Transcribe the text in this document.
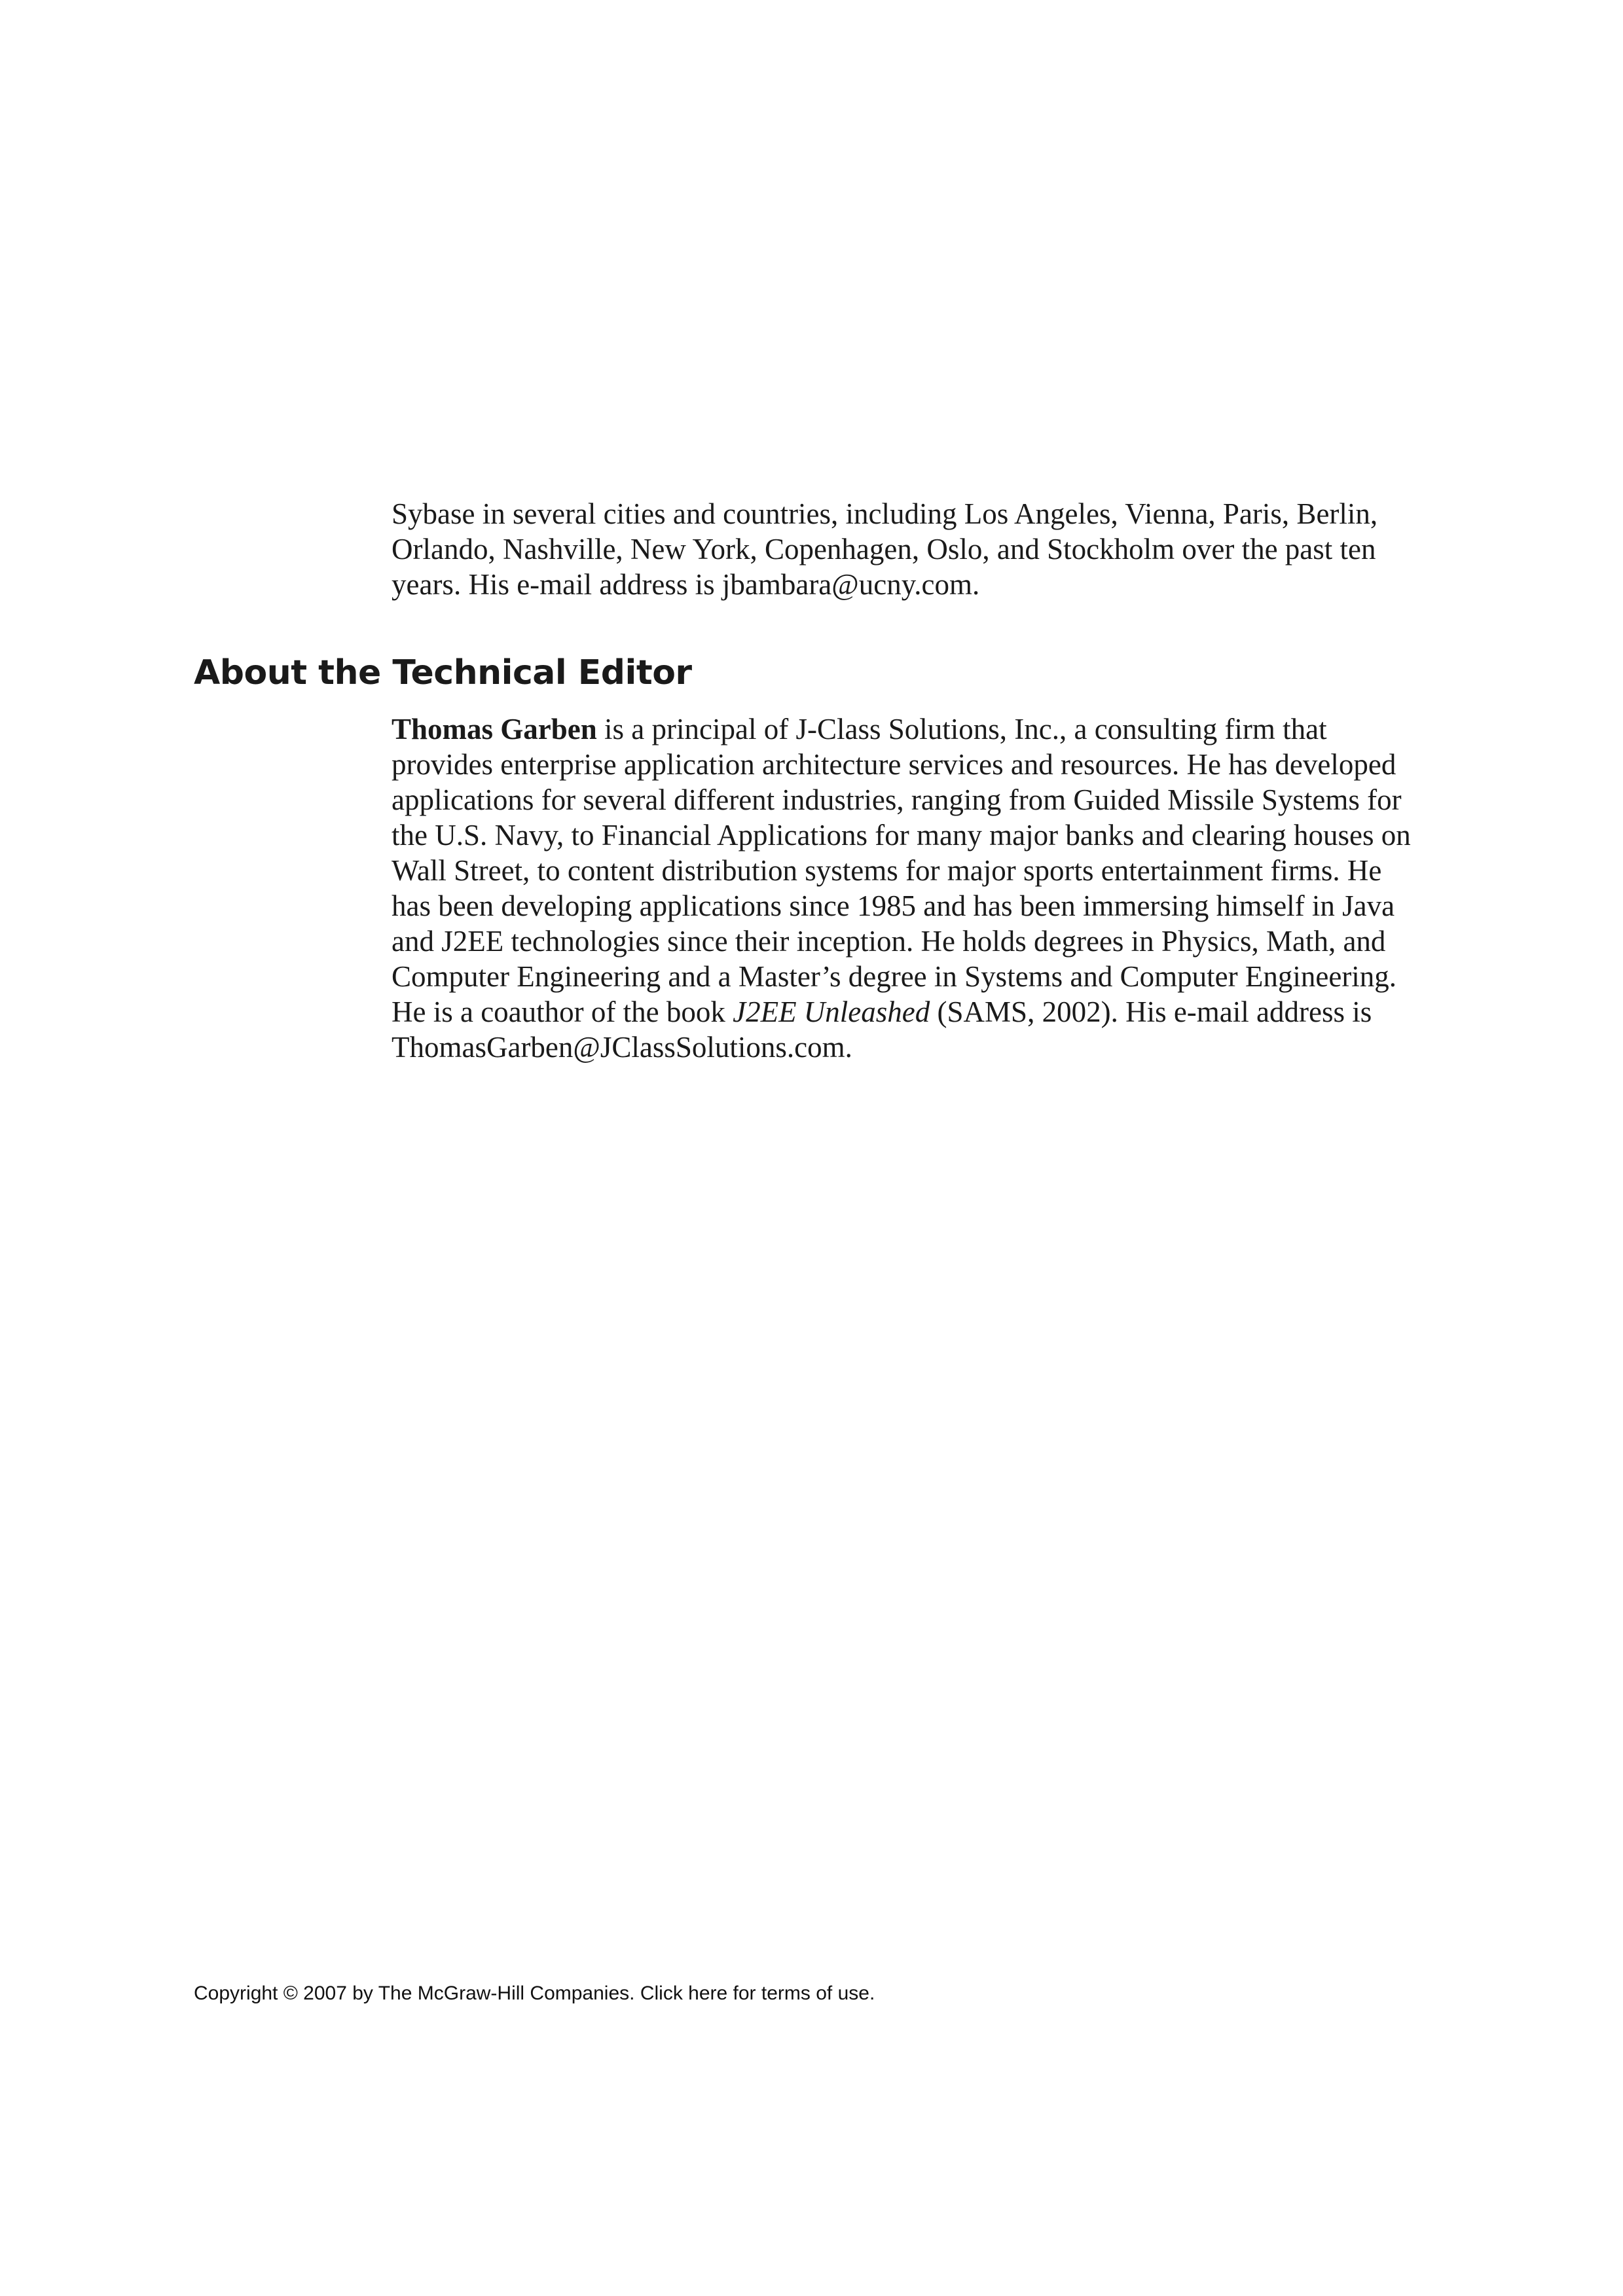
Sybase in several cities and countries, including Los Angeles, Vienna, Paris, Berlin,
Orlando, Nashville, New York, Copenhagen, Oslo, and Stockholm over the past ten
years. His e-mail address is jbambara@ucny.com.
About the Technical Editor
Thomas Garben is a principal of J-Class Solutions, Inc., a consulting firm that
provides enterprise application architecture services and resources. He has developed
applications for several different industries, ranging from Guided Missile Systems for
the U.S. Navy, to Financial Applications for many major banks and clearing houses on
Wall Street, to content distribution systems for major sports entertainment firms. He
has been developing applications since 1985 and has been immersing himself in Java
and J2EE technologies since their inception. He holds degrees in Physics, Math, and
Computer Engineering and a Master’s degree in Systems and Computer Engineering.
He is a coauthor of the book J2EE Unleashed (SAMS, 2002). His e-mail address is
ThomasGarben@JClassSolutions.com.
Copyright © 2007 by The McGraw-Hill Companies. Click here for terms of use.
